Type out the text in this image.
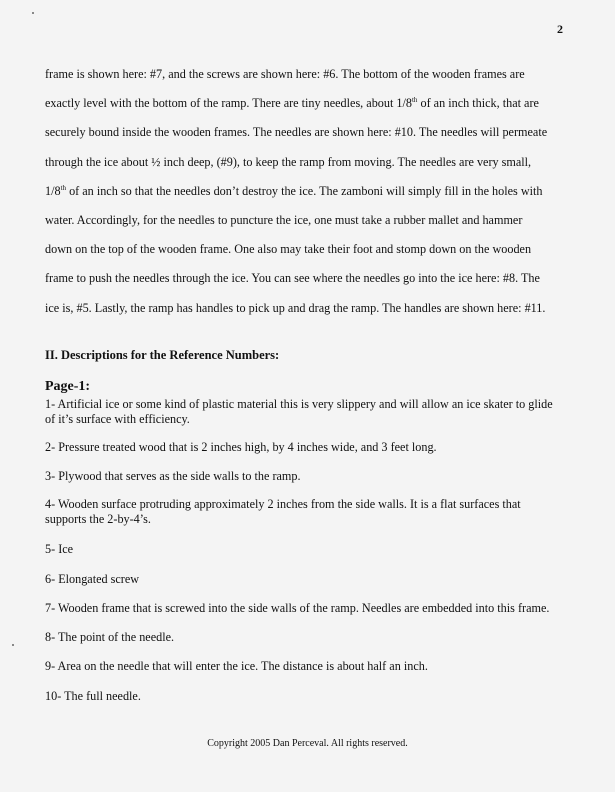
2

frame is shown here: #7, and the screws are shown here: #6. The bottom of the wooden frames are

exactly level with the bottom of the ramp. There are tiny needles, about 1/8th of an inch thick, that are

securely bound inside the wooden frames. The needles are shown here: #10. The needles will permeate

through the ice about ½ inch deep, (#9), to keep the ramp from moving. The needles are very small,

1/8th of an inch so that the needles don’t destroy the ice. The zamboni will simply fill in the holes with

water. Accordingly, for the needles to puncture the ice, one must take a rubber mallet and hammer

down on the top of the wooden frame. One also may take their foot and stomp down on the wooden

frame to push the needles through the ice. You can see where the needles go into the ice here: #8. The

ice is, #5. Lastly, the ramp has handles to pick up and drag the ramp. The handles are shown here: #11.

II. Descriptions for the Reference Numbers:
Page-1:

1- Artificial ice or some kind of plastic material this is very slippery and will allow an ice skater to glide

of it’s surface with efficiency.

2- Pressure treated wood that is 2 inches high, by 4 inches wide, and 3 feet long.

3- Plywood that serves as the side walls to the ramp.

4- Wooden surface protruding approximately 2 inches from the side walls. It is a flat surfaces that

supports the 2-by-4’s.

5- Ice

6- Elongated screw

7- Wooden frame that is screwed into the side walls of the ramp. Needles are embedded into this frame.

8- The point of the needle.

9- Area on the needle that will enter the ice. The distance is about half an inch.

10- The full needle.

Copyright 2005 Dan Perceval. All rights reserved.
